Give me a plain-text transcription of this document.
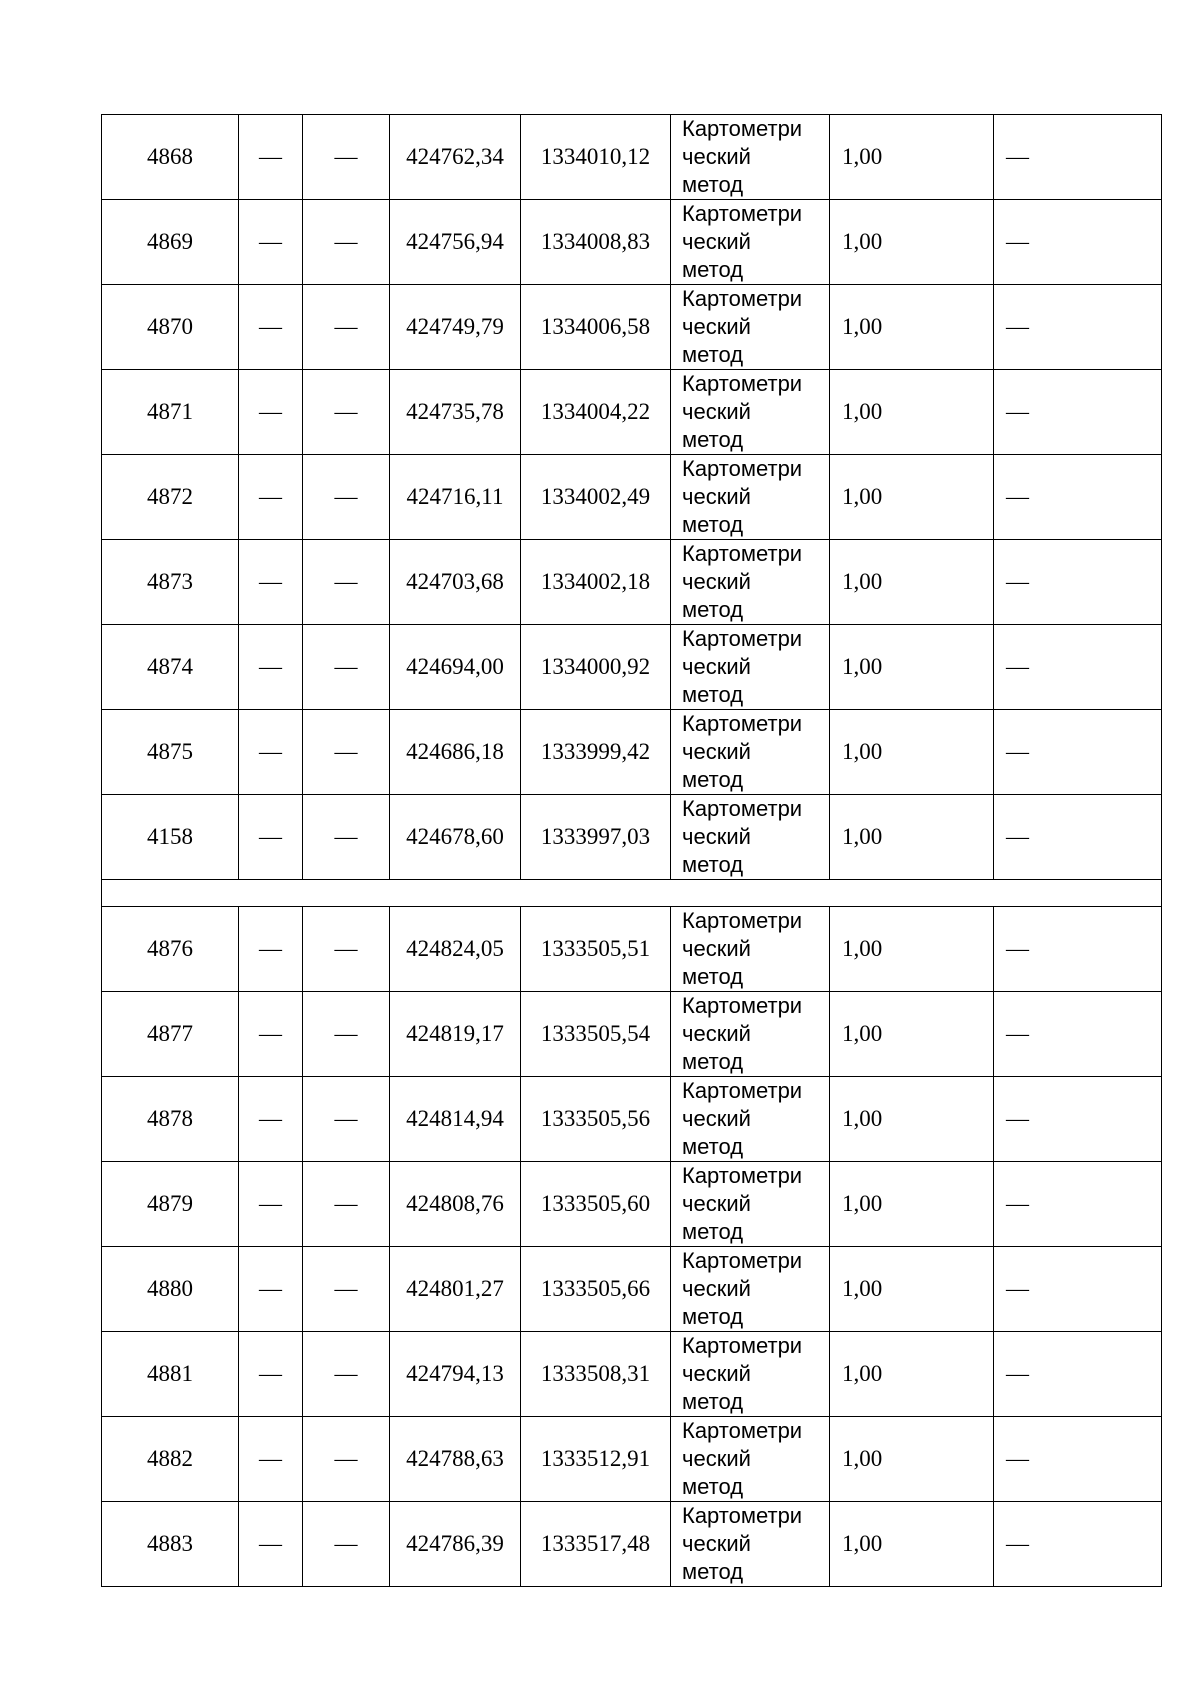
4868	—	—	424762,34	1334010,12	Картометри
ческий
метод	1,00	—
4869	—	—	424756,94	1334008,83	Картометри
ческий
метод	1,00	—
4870	—	—	424749,79	1334006,58	Картометри
ческий
метод	1,00	—
4871	—	—	424735,78	1334004,22	Картометри
ческий
метод	1,00	—
4872	—	—	424716,11	1334002,49	Картометри
ческий
метод	1,00	—
4873	—	—	424703,68	1334002,18	Картометри
ческий
метод	1,00	—
4874	—	—	424694,00	1334000,92	Картометри
ческий
метод	1,00	—
4875	—	—	424686,18	1333999,42	Картометри
ческий
метод	1,00	—
4158	—	—	424678,60	1333997,03	Картометри
ческий
метод	1,00	—

4876	—	—	424824,05	1333505,51	Картометри
ческий
метод	1,00	—
4877	—	—	424819,17	1333505,54	Картометри
ческий
метод	1,00	—
4878	—	—	424814,94	1333505,56	Картометри
ческий
метод	1,00	—
4879	—	—	424808,76	1333505,60	Картометри
ческий
метод	1,00	—
4880	—	—	424801,27	1333505,66	Картометри
ческий
метод	1,00	—
4881	—	—	424794,13	1333508,31	Картометри
ческий
метод	1,00	—
4882	—	—	424788,63	1333512,91	Картометри
ческий
метод	1,00	—
4883	—	—	424786,39	1333517,48	Картометри
ческий
метод	1,00	—
